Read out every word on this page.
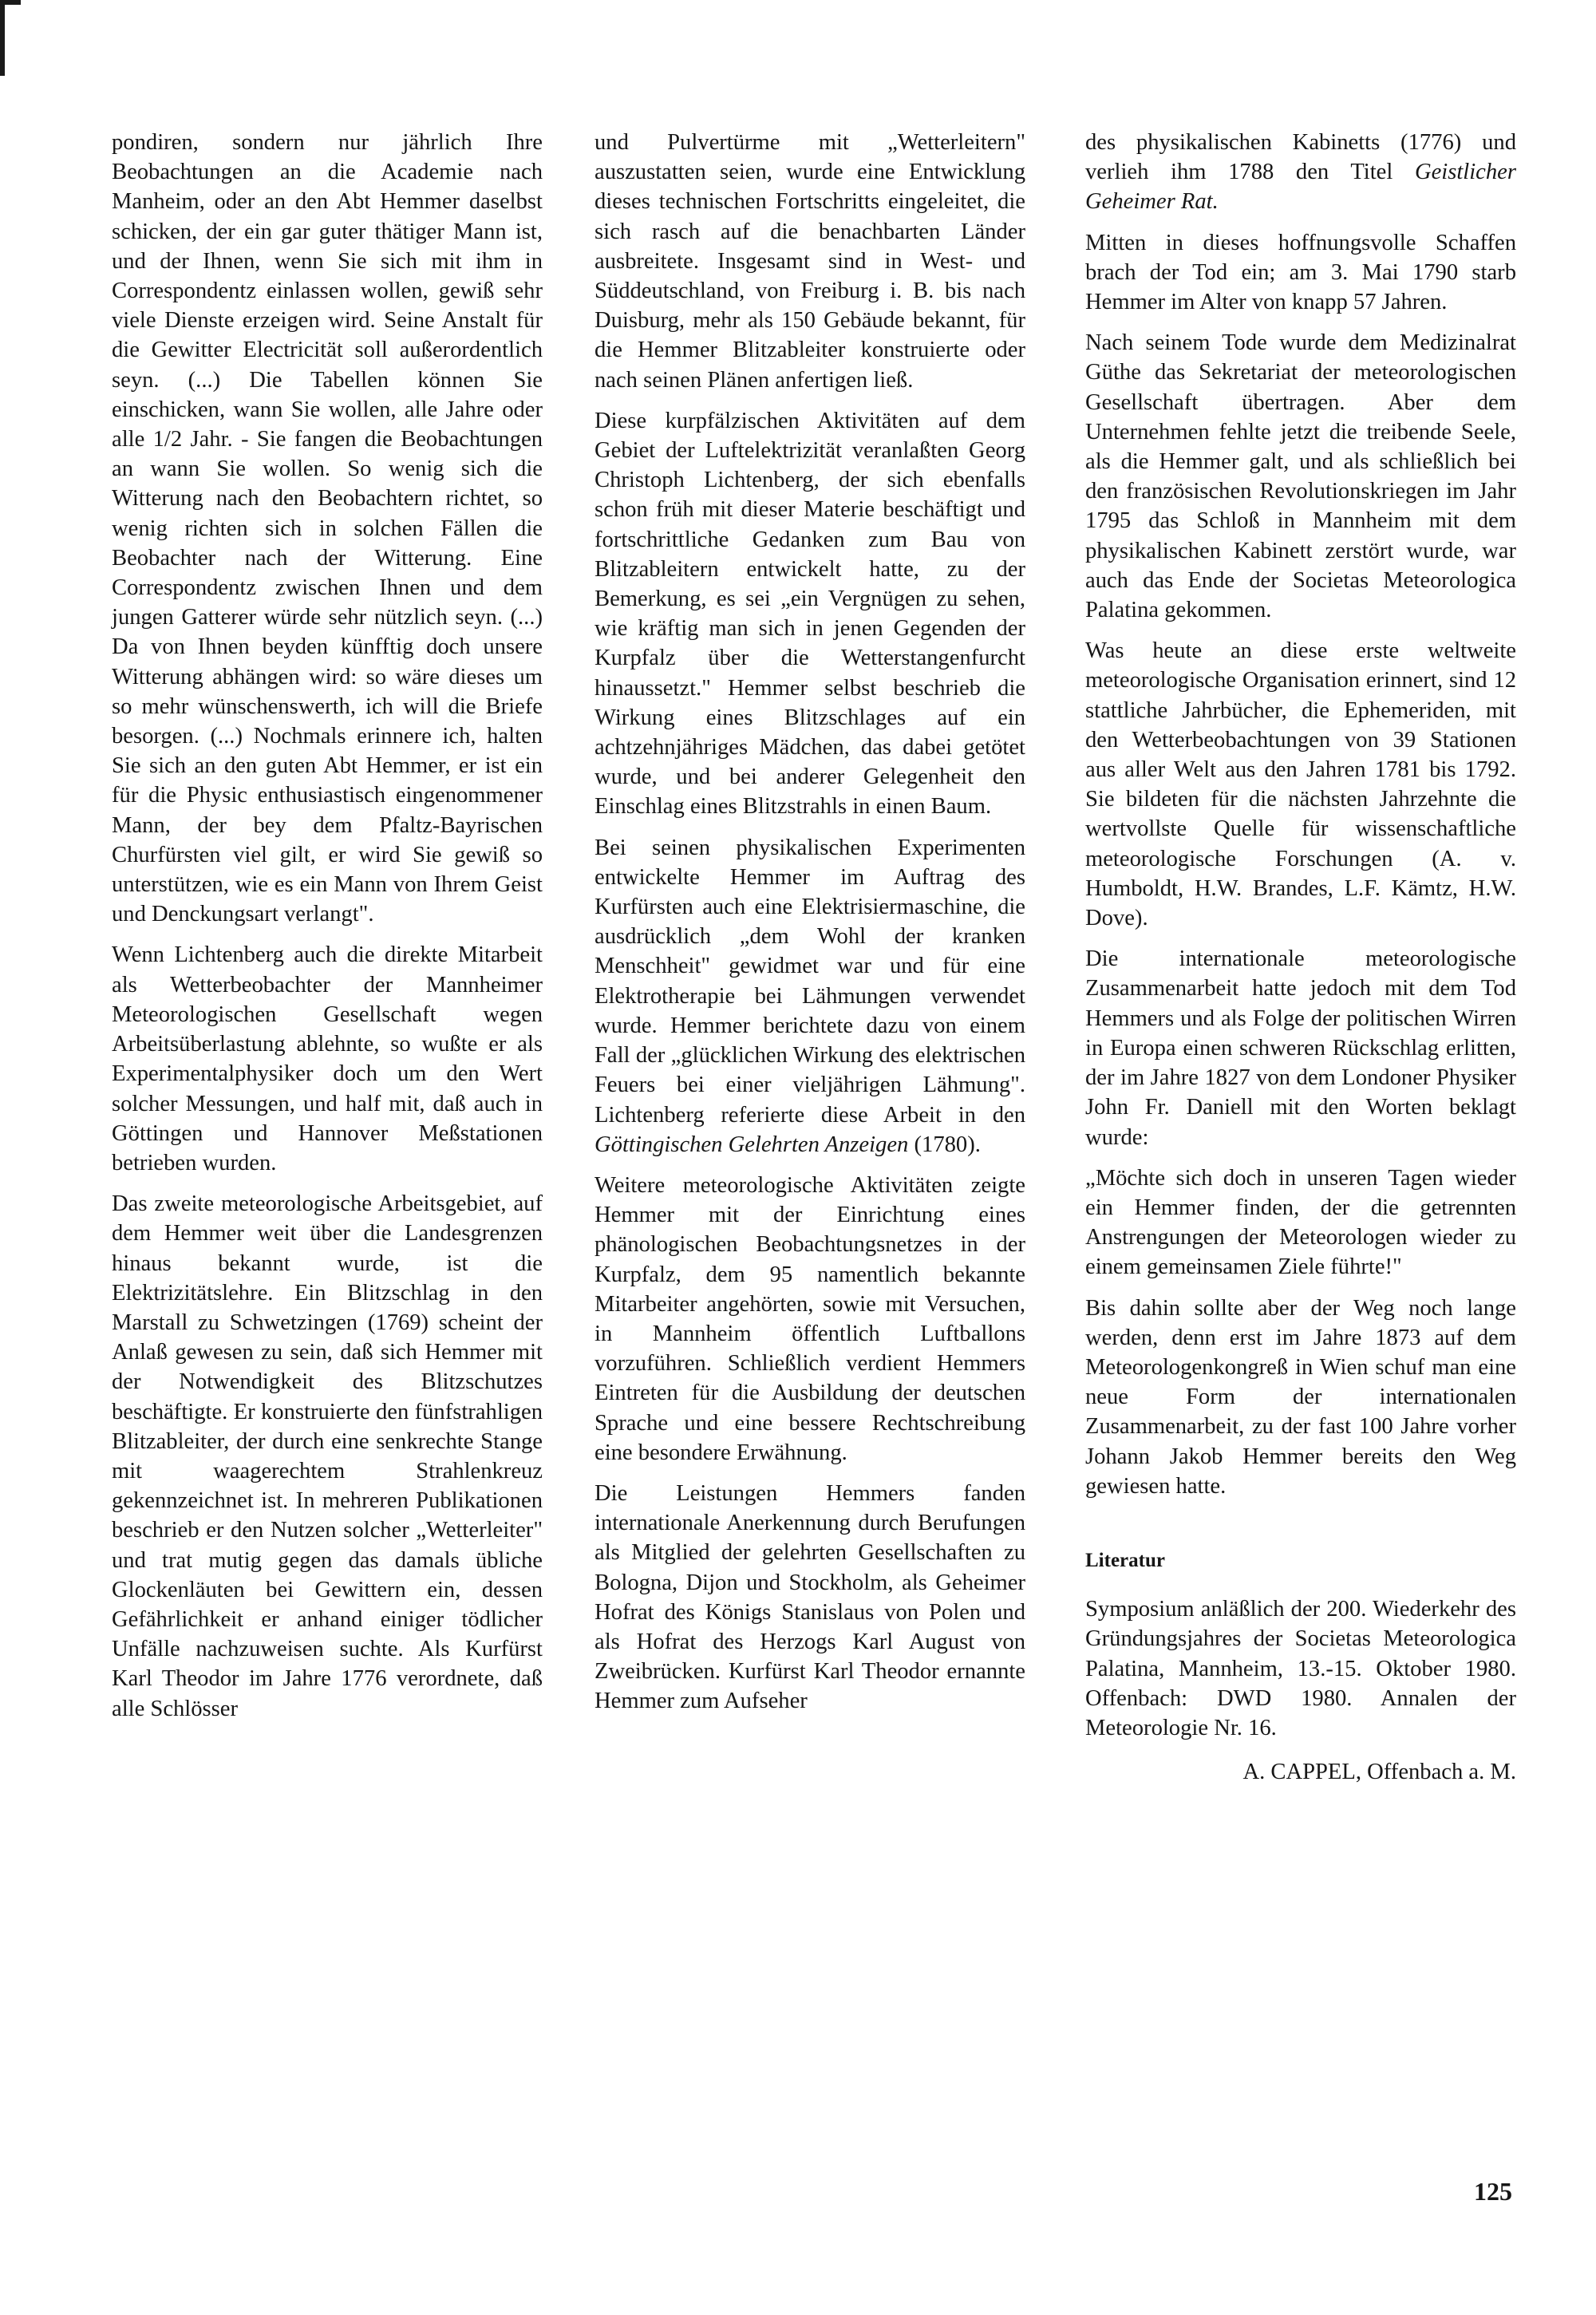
pondiren, sondern nur jährlich Ihre Beobachtungen an die Academie nach Manheim, oder an den Abt Hemmer daselbst schicken, der ein gar guter thätiger Mann ist, und der Ihnen, wenn Sie sich mit ihm in Correspondentz einlassen wollen, gewiß sehr viele Dienste erzeigen wird. Seine Anstalt für die Gewitter Electricität soll außerordentlich seyn. (...) Die Tabellen können Sie einschicken, wann Sie wollen, alle Jahre oder alle 1/2 Jahr. - Sie fangen die Beobachtungen an wann Sie wollen. So wenig sich die Witterung nach den Beobachtern richtet, so wenig richten sich in solchen Fällen die Beobachter nach der Witterung. Eine Correspondentz zwischen Ihnen und dem jungen Gatterer würde sehr nützlich seyn. (...) Da von Ihnen beyden künfftig doch unsere Witterung abhängen wird: so wäre dieses um so mehr wünschenswerth, ich will die Briefe besorgen. (...) Nochmals erinnere ich, halten Sie sich an den guten Abt Hemmer, er ist ein für die Physic enthusiastisch eingenommener Mann, der bey dem Pfaltz-Bayrischen Churfürsten viel gilt, er wird Sie gewiß so unterstützen, wie es ein Mann von Ihrem Geist und Denckungsart verlangt".

Wenn Lichtenberg auch die direkte Mitarbeit als Wetterbeobachter der Mannheimer Meteorologischen Gesellschaft wegen Arbeitsüberlastung ablehnte, so wußte er als Experimentalphysiker doch um den Wert solcher Messungen, und half mit, daß auch in Göttingen und Hannover Meßstationen betrieben wurden.

Das zweite meteorologische Arbeitsgebiet, auf dem Hemmer weit über die Landesgrenzen hinaus bekannt wurde, ist die Elektrizitätslehre. Ein Blitzschlag in den Marstall zu Schwetzingen (1769) scheint der Anlaß gewesen zu sein, daß sich Hemmer mit der Notwendigkeit des Blitzschutzes beschäftigte. Er konstruierte den fünfstrahligen Blitzableiter, der durch eine senkrechte Stange mit waagerechtem Strahlenkreuz gekennzeichnet ist. In mehreren Publikationen beschrieb er den Nutzen solcher „Wetterleiter" und trat mutig gegen das damals übliche Glockenläuten bei Gewittern ein, dessen Gefährlichkeit er anhand einiger tödlicher Unfälle nachzuweisen suchte. Als Kurfürst Karl Theodor im Jahre 1776 verordnete, daß alle Schlösser

und Pulvertürme mit „Wetterleitern" auszustatten seien, wurde eine Entwicklung dieses technischen Fortschritts eingeleitet, die sich rasch auf die benachbarten Länder ausbreitete. Insgesamt sind in West- und Süddeutschland, von Freiburg i. B. bis nach Duisburg, mehr als 150 Gebäude bekannt, für die Hemmer Blitzableiter konstruierte oder nach seinen Plänen anfertigen ließ.

Diese kurpfälzischen Aktivitäten auf dem Gebiet der Luftelektrizität veranlaßten Georg Christoph Lichtenberg, der sich ebenfalls schon früh mit dieser Materie beschäftigt und fortschrittliche Gedanken zum Bau von Blitzableitern entwickelt hatte, zu der Bemerkung, es sei „ein Vergnügen zu sehen, wie kräftig man sich in jenen Gegenden der Kurpfalz über die Wetterstangenfurcht hinaussetzt." Hemmer selbst beschrieb die Wirkung eines Blitzschlages auf ein achtzehnjähriges Mädchen, das dabei getötet wurde, und bei anderer Gelegenheit den Einschlag eines Blitzstrahls in einen Baum.

Bei seinen physikalischen Experimenten entwickelte Hemmer im Auftrag des Kurfürsten auch eine Elektrisiermaschine, die ausdrücklich „dem Wohl der kranken Menschheit" gewidmet war und für eine Elektrotherapie bei Lähmungen verwendet wurde. Hemmer berichtete dazu von einem Fall der „glücklichen Wirkung des elektrischen Feuers bei einer vieljährigen Lähmung". Lichtenberg referierte diese Arbeit in den Göttingischen Gelehrten Anzeigen (1780).

Weitere meteorologische Aktivitäten zeigte Hemmer mit der Einrichtung eines phänologischen Beobachtungsnetzes in der Kurpfalz, dem 95 namentlich bekannte Mitarbeiter angehörten, sowie mit Versuchen, in Mannheim öffentlich Luftballons vorzuführen. Schließlich verdient Hemmers Eintreten für die Ausbildung der deutschen Sprache und eine bessere Rechtschreibung eine besondere Erwähnung.

Die Leistungen Hemmers fanden internationale Anerkennung durch Berufungen als Mitglied der gelehrten Gesellschaften zu Bologna, Dijon und Stockholm, als Geheimer Hofrat des Königs Stanislaus von Polen und als Hofrat des Herzogs Karl August von Zweibrücken. Kurfürst Karl Theodor ernannte Hemmer zum Aufseher

des physikalischen Kabinetts (1776) und verlieh ihm 1788 den Titel Geistlicher Geheimer Rat.

Mitten in dieses hoffnungsvolle Schaffen brach der Tod ein; am 3. Mai 1790 starb Hemmer im Alter von knapp 57 Jahren.

Nach seinem Tode wurde dem Medizinalrat Güthe das Sekretariat der meteorologischen Gesellschaft übertragen. Aber dem Unternehmen fehlte jetzt die treibende Seele, als die Hemmer galt, und als schließlich bei den französischen Revolutionskriegen im Jahr 1795 das Schloß in Mannheim mit dem physikalischen Kabinett zerstört wurde, war auch das Ende der Societas Meteorologica Palatina gekommen.

Was heute an diese erste weltweite meteorologische Organisation erinnert, sind 12 stattliche Jahrbücher, die Ephemeriden, mit den Wetterbeobachtungen von 39 Stationen aus aller Welt aus den Jahren 1781 bis 1792. Sie bildeten für die nächsten Jahrzehnte die wertvollste Quelle für wissenschaftliche meteorologische Forschungen (A. v. Humboldt, H.W. Brandes, L.F. Kämtz, H.W. Dove).

Die internationale meteorologische Zusammenarbeit hatte jedoch mit dem Tod Hemmers und als Folge der politischen Wirren in Europa einen schweren Rückschlag erlitten, der im Jahre 1827 von dem Londoner Physiker John Fr. Daniell mit den Worten beklagt wurde:

„Möchte sich doch in unseren Tagen wieder ein Hemmer finden, der die getrennten Anstrengungen der Meteorologen wieder zu einem gemeinsamen Ziele führte!"

Bis dahin sollte aber der Weg noch lange werden, denn erst im Jahre 1873 auf dem Meteorologenkongreß in Wien schuf man eine neue Form der internationalen Zusammenarbeit, zu der fast 100 Jahre vorher Johann Jakob Hemmer bereits den Weg gewiesen hatte.

Literatur

Symposium anläßlich der 200. Wiederkehr des Gründungsjahres der Societas Meteorologica Palatina, Mannheim, 13.-15. Oktober 1980. Offenbach: DWD 1980. Annalen der Meteorologie Nr. 16.

A. CAPPEL, Offenbach a. M.
125
